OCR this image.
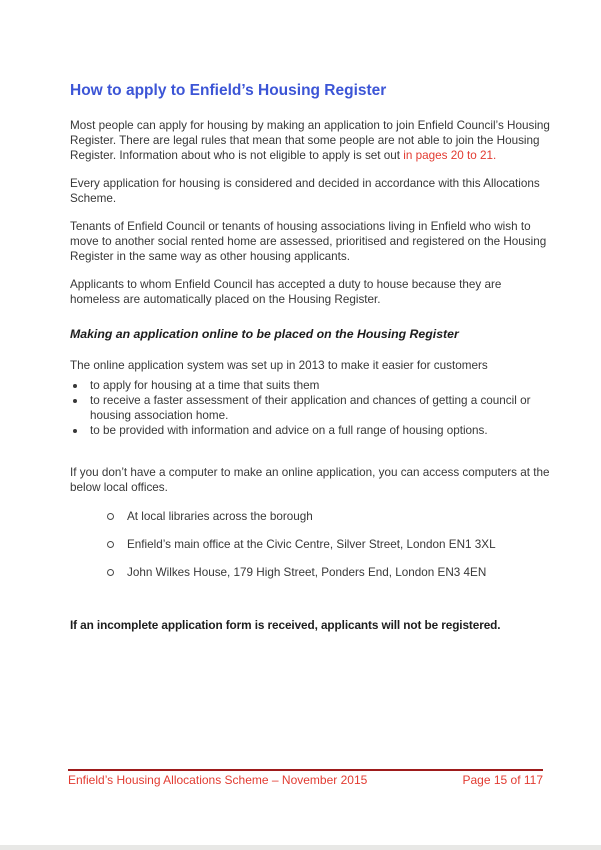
How to apply to Enfield’s Housing Register

Most people can apply for housing by making an application to join Enfield Council’s Housing Register. There are legal rules that mean that some people are not able to join the Housing Register. Information about who is not eligible to apply is set out in pages 20 to 21.

Every application for housing is considered and decided in accordance with this Allocations Scheme.

Tenants of Enfield Council or tenants of housing associations living in Enfield who wish to move to another social rented home are assessed, prioritised and registered on the Housing Register in the same way as other housing applicants.

Applicants to whom Enfield Council has accepted a duty to house because they are homeless are automatically placed on the Housing Register.

Making an application online to be placed on the Housing Register

The online application system was set up in 2013 to make it easier for customers

to apply for housing at a time that suits them
to receive a faster assessment of their application and chances of getting a council or housing association home.
to be provided with information and advice on a full range of housing options.

If you don’t have a computer to make an online application, you can access computers at the below local offices.

At local libraries across the borough
Enfield’s main office at the Civic Centre, Silver Street, London EN1 3XL
John Wilkes House, 179 High Street, Ponders End, London EN3 4EN
If an incomplete application form is received, applicants will not be registered.
Enfield’s Housing Allocations Scheme – November 2015	Page 15 of 117
